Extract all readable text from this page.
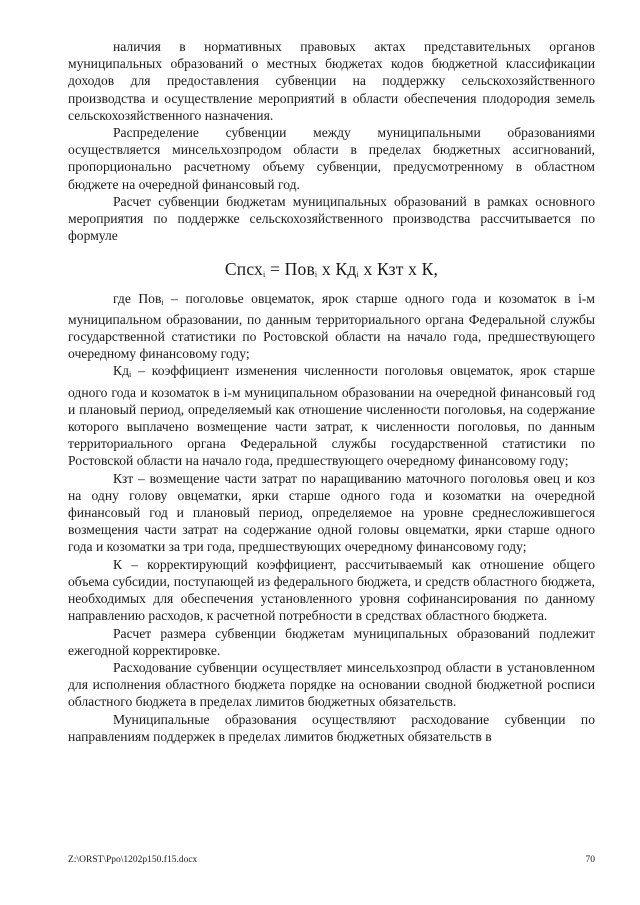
наличия в нормативных правовых актах представительных органов муниципальных образований о местных бюджетах кодов бюджетной классификации доходов для предоставления субвенции на поддержку сельскохозяйственного производства и осуществление мероприятий в области обеспечения плодородия земель сельскохозяйственного назначения.

Распределение субвенции между муниципальными образованиями осуществляется минсельхозпродом области в пределах бюджетных ассигнований, пропорционально расчетному объему субвенции, предусмотренному в областном бюджете на очередной финансовый год.

Расчет субвенции бюджетам муниципальных образований в рамках основного мероприятия по поддержке сельскохозяйственного производства рассчитывается по формуле

Спсх$_i$ = Пов$_i$ х $Кд_i$ х Кзт х К,

где Пов$_i$ – поголовье овцематок, ярок старше одного года и козоматок в i-м муниципальном образовании, по данным территориального органа Федеральной службы государственной статистики по Ростовской области на начало года, предшествующего очередному финансовому году;

$Кд_i$ – коэффициент изменения численности поголовья овцематок, ярок старше одного года и козоматок в i-м муниципальном образовании на очередной финансовый год и плановый период, определяемый как отношение численности поголовья, на содержание которого выплачено возмещение части затрат, к численности поголовья, по данным территориального органа Федеральной службы государственной статистики по Ростовской области на начало года, предшествующего очередному финансовому году;

Кзт – возмещение части затрат по наращиванию маточного поголовья овец и коз на одну голову овцематки, ярки старше одного года и козоматки на очередной финансовый год и плановый период, определяемое на уровне среднесложившегося возмещения части затрат на содержание одной головы овцематки, ярки старше одного года и козоматки за три года, предшествующих очередному финансовому году;

К – корректирующий коэффициент, рассчитываемый как отношение общего объема субсидии, поступающей из федерального бюджета, и средств областного бюджета, необходимых для обеспечения установленного уровня софинансирования по данному направлению расходов, к расчетной потребности в средствах областного бюджета.

Расчет размера субвенции бюджетам муниципальных образований подлежит ежегодной корректировке.

Расходование субвенции осуществляет минсельхозпрод области в установленном для исполнения областного бюджета порядке на основании сводной бюджетной росписи областного бюджета в пределах лимитов бюджетных обязательств.

Муниципальные образования осуществляют расходование субвенции по направлениям поддержек в пределах лимитов бюджетных обязательств в

Z:\ORST\Ppo\1202p150.f15.docx	70
